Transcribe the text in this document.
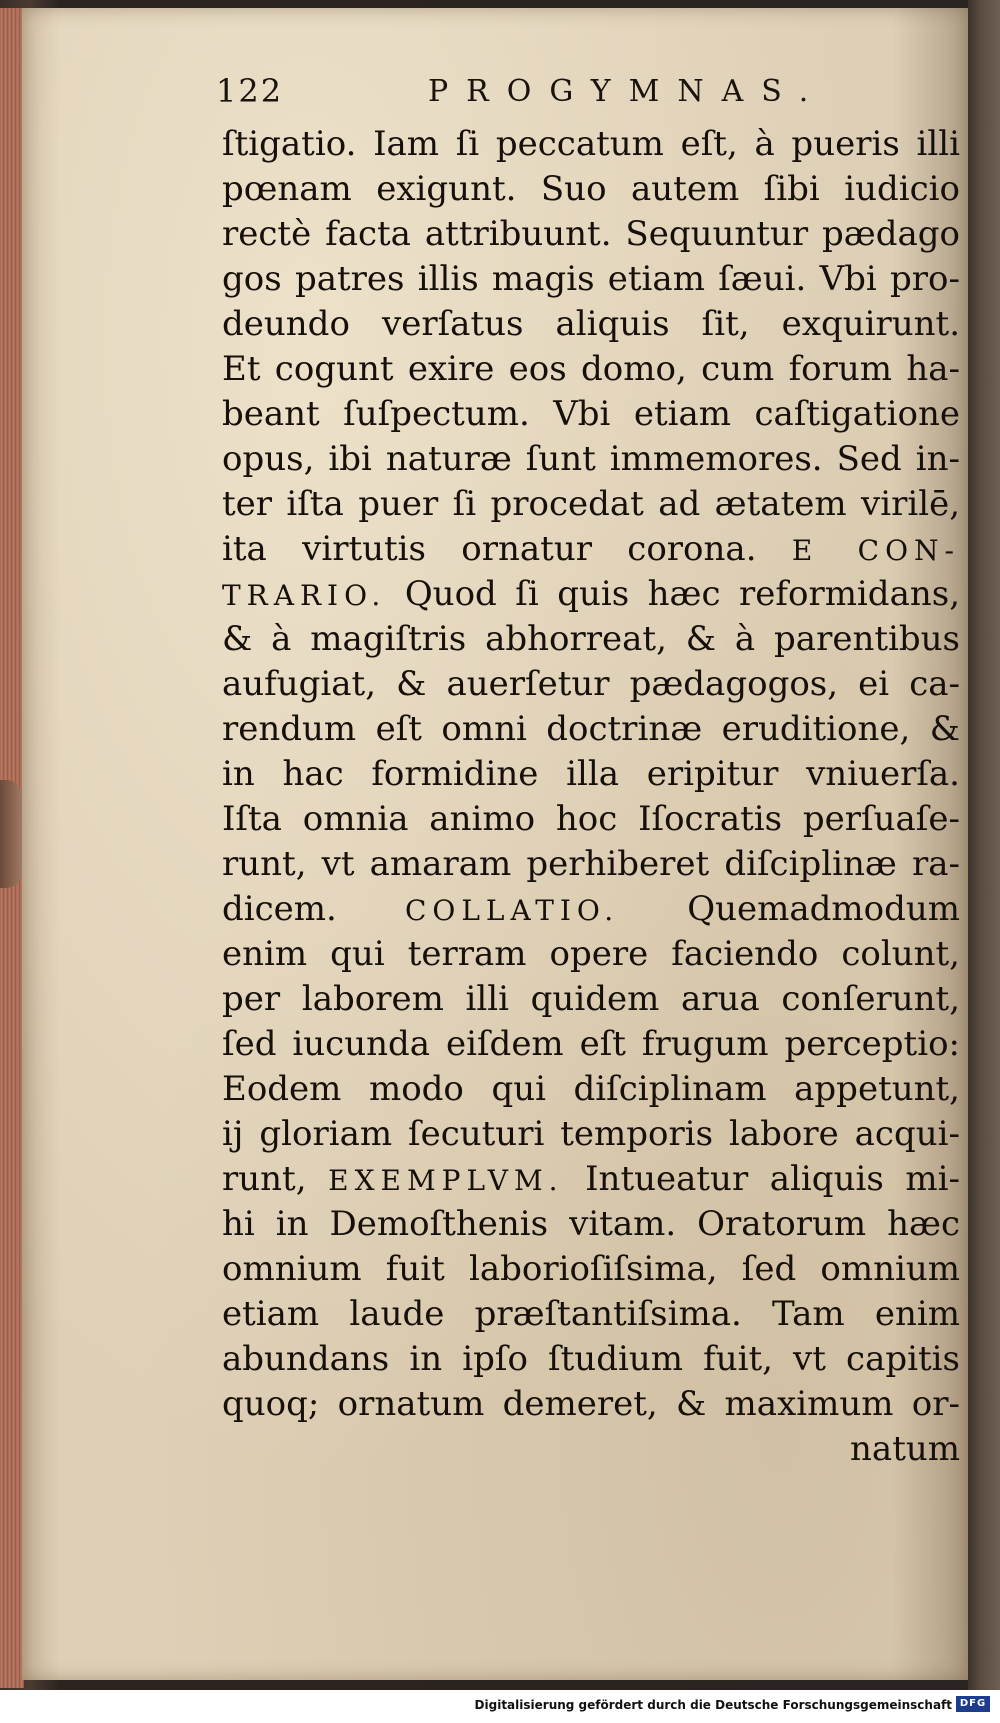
122	PROGYMNAS.
ſtigatio. Iam ſi peccatum eſt, à pueris illi
pœnam exigunt. Suo autem ſibi iudicio
rectè facta attribuunt. Sequuntur pædago
gos patres illis magis etiam ſæui. Vbi pro-
deundo verſatus aliquis ſit, exquirunt.
Et cogunt exire eos domo, cum forum ha-
beant ſuſpectum. Vbi etiam caſtigatione
opus, ibi naturæ ſunt immemores. Sed in-
ter iſta puer ſi procedat ad ætatem virilē,
ita virtutis ornatur corona. E CON-
TRARIO. Quod ſi quis hæc reformidans,
& à magiſtris abhorreat, & à parentibus
aufugiat, & auerſetur pædagogos, ei ca-
rendum eſt omni doctrinæ eruditione, &
in hac formidine illa eripitur vniuerſa.
Iſta omnia animo hoc Iſocratis perſuaſe-
runt, vt amaram perhiberet diſciplinæ ra-
dicem. COLLATIO. Quemadmodum
enim qui terram opere faciendo colunt,
per laborem illi quidem arua conſerunt,
ſed iucunda eiſdem eſt frugum perceptio:
Eodem modo qui diſciplinam appetunt,
ij gloriam ſecuturi temporis labore acqui-
runt, EXEMPLVM. Intueatur aliquis mi-
hi in Demoſthenis vitam. Oratorum hæc
omnium fuit laborioſiſsima, ſed omnium
etiam laude præſtantiſsima. Tam enim
abundans in ipſo ſtudium fuit, vt capitis
quoq; ornatum demeret, & maximum or-
natum
Digitalisierung gefördert durch die Deutsche Forschungsgemeinschaft DFG
